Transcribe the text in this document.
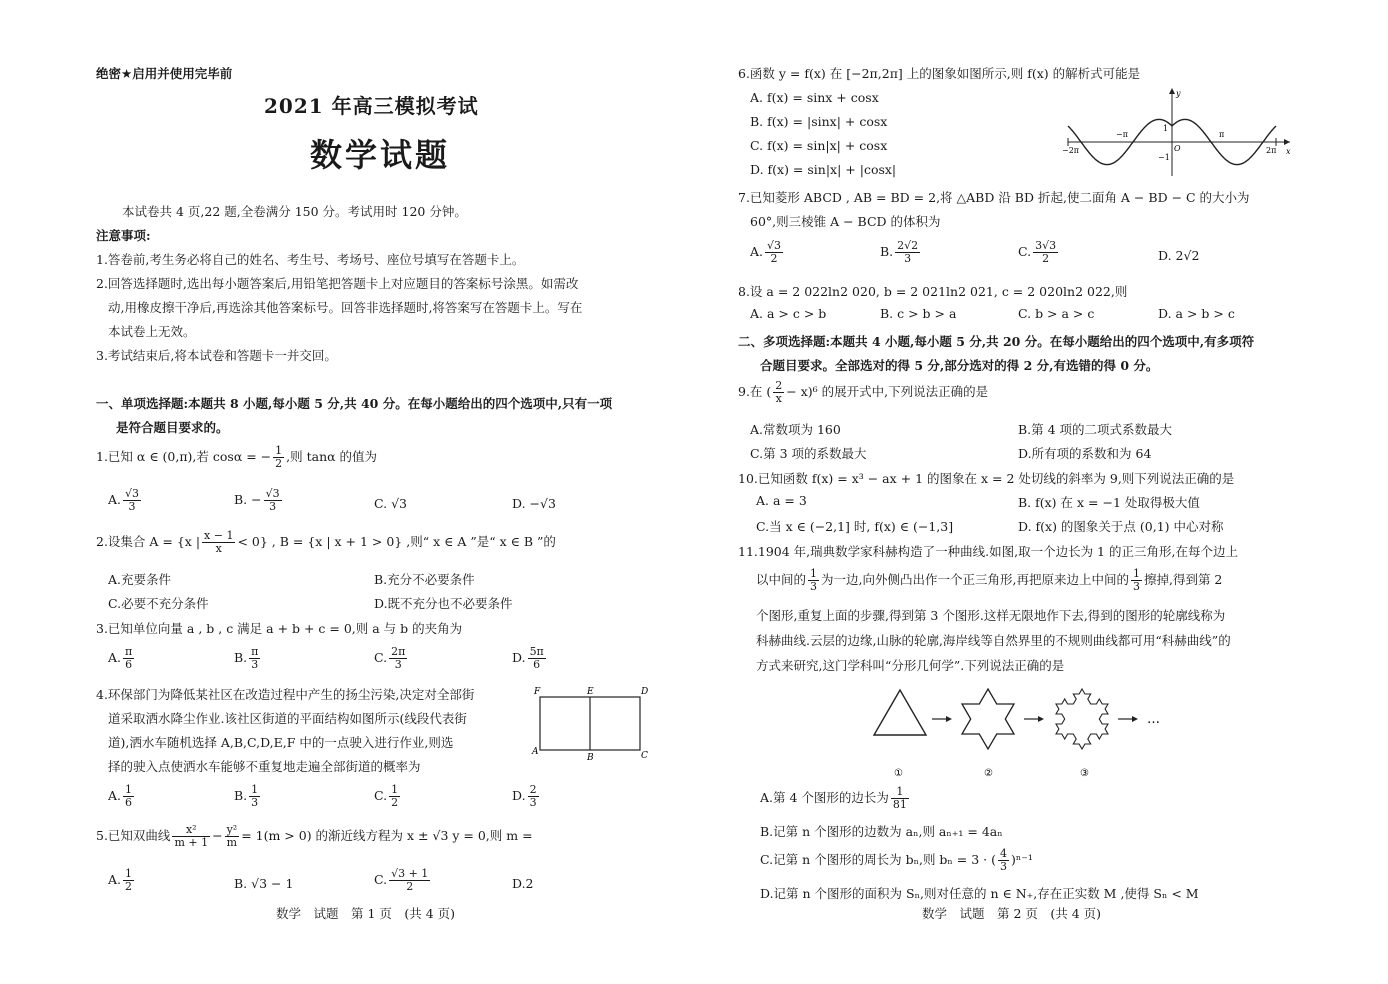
绝密★启用并使用完毕前
2021 年高三模拟考试
数学试题
本试卷共 4 页,22 题,全卷满分 150 分。考试用时 120 分钟。
注意事项:
1.答卷前,考生务必将自己的姓名、考生号、考场号、座位号填写在答题卡上。
2.回答选择题时,选出每小题答案后,用铅笔把答题卡上对应题目的答案标号涂黑。如需改
动,用橡皮擦干净后,再选涂其他答案标号。回答非选择题时,将答案写在答题卡上。写在
本试卷上无效。
3.考试结束后,将本试卷和答题卡一并交回。
一、单项选择题:本题共 8 小题,每小题 5 分,共 40 分。在每小题给出的四个选项中,只有一项
是符合题目要求的。
1.已知 α ∈ (0,π),若 cosα = − $\frac{1}{2}$ ,则 tanα 的值为
A. $\frac{√3}{3}$	B. − $\frac{√3}{3}$	C. √3	D. −√3
2.设集合 A = {x | $\frac{x - 1}{x} < 0$} , B = {x | x + 1 > 0} ,则“ x ∈ A ”是“ x ∈ B ”的
A.充要条件	B.充分不必要条件
C.必要不充分条件	D.既不充分也不必要条件
3.已知单位向量 a , b , c 满足 a + b + c = 0,则 a 与 b 的夹角为
A. $\frac{\pi}{6}$	B. $\frac{\pi}{3}$	C. $\frac{2\pi}{3}$	D. $\frac{5\pi}{6}$
4.环保部门为降低某社区在改造过程中产生的扬尘污染,决定对全部街
道采取洒水降尘作业.该社区街道的平面结构如图所示(线段代表街
道),洒水车随机选择 A,B,C,D,E,F 中的一点驶入进行作业,则选
择的驶入点使洒水车能够不重复地走遍全部街道的概率为
F	E	D
A
B	C
A. $\frac{1}{6}$	B. $\frac{1}{3}$	C. $\frac{1}{2}$	D. $\frac{2}{3}$
5.已知双曲线 $\frac{\text{x²}}{m + 1} - \frac{\text{y²}}{m} = 1(m > 0)$ 的渐近线方程为 x ± √3 y = 0,则 m =
A. $\frac{1}{2}$	B. √3 − 1	C. $\frac{√3 + 1}{2}$	D.2
数学　试题　第 1 页　(共 4 页)
6.函数 y = f(x) 在 [−2π,2π] 上的图象如图所示,则 f(x) 的解析式可能是
A. f(x) = sinx + cosx
B. f(x) = |sinx| + cosx
C. f(x) = sin|x| + cosx
D. f(x) = sin|x| + |cosx|
y
x
O
1
−1
−2π
−π	π
2π
7.已知菱形 ABCD , AB = BD = 2,将 △ABD 沿 BD 折起,使二面角 A − BD − C 的大小为
60°,则三棱锥 A − BCD 的体积为
A. $\frac{√3}{2}$	B. $\frac{2√2}{3}$	C. $\frac{3√3}{2}$	D. 2√2
8.设 a = 2 022ln2 020, b = 2 021ln2 021, c = 2 020ln2 022,则
A. a > c > b	B. c > b > a	C. b > a > c	D. a > b > c
二、多项选择题:本题共 4 小题,每小题 5 分,共 20 分。在每小题给出的四个选项中,有多项符
合题目要求。全部选对的得 5 分,部分选对的得 2 分,有选错的得 0 分。
9.在 ( $\frac{2}{x} - x)^6$ 的展开式中,下列说法正确的是
A.常数项为 160	B.第 4 项的二项式系数最大
C.第 3 项的系数最大	D.所有项的系数和为 64
10.已知函数 f(x) = x³ − ax + 1 的图象在 x = 2 处切线的斜率为 9,则下列说法正确的是
A. a = 3	B. f(x) 在 x = −1 处取得极大值
C.当 x ∈ (−2,1] 时, f(x) ∈ (−1,3]	D. f(x) 的图象关于点 (0,1) 中心对称
11.1904 年,瑞典数学家科赫构造了一种曲线.如图,取一个边长为 1 的正三角形,在每个边上
以中间的 $\frac{1}{3}$ 为一边,向外侧凸出作一个正三角形,再把原来边上中间的 $\frac{1}{3}$ 擦掉,得到第 2
个图形,重复上面的步骤,得到第 3 个图形.这样无限地作下去,得到的图形的轮廓线称为
科赫曲线.云层的边缘,山脉的轮廓,海岸线等自然界里的不规则曲线都可用“科赫曲线”的
方式来研究,这门学科叫“分形几何学”.下列说法正确的是
…
①	②	③
A.第 4 个图形的边长为 $\frac{1}{81}$
B.记第 n 个图形的边数为 aₙ,则 aₙ₊₁ = 4aₙ
C.记第 n 个图形的周长为 bₙ,则 bₙ = 3 · ( $\frac{4}{3} )^{n-1}$
D.记第 n 个图形的面积为 Sₙ,则对任意的 n ∈ N₊,存在正实数 M ,使得 Sₙ < M
数学　试题　第 2 页　(共 4 页)
